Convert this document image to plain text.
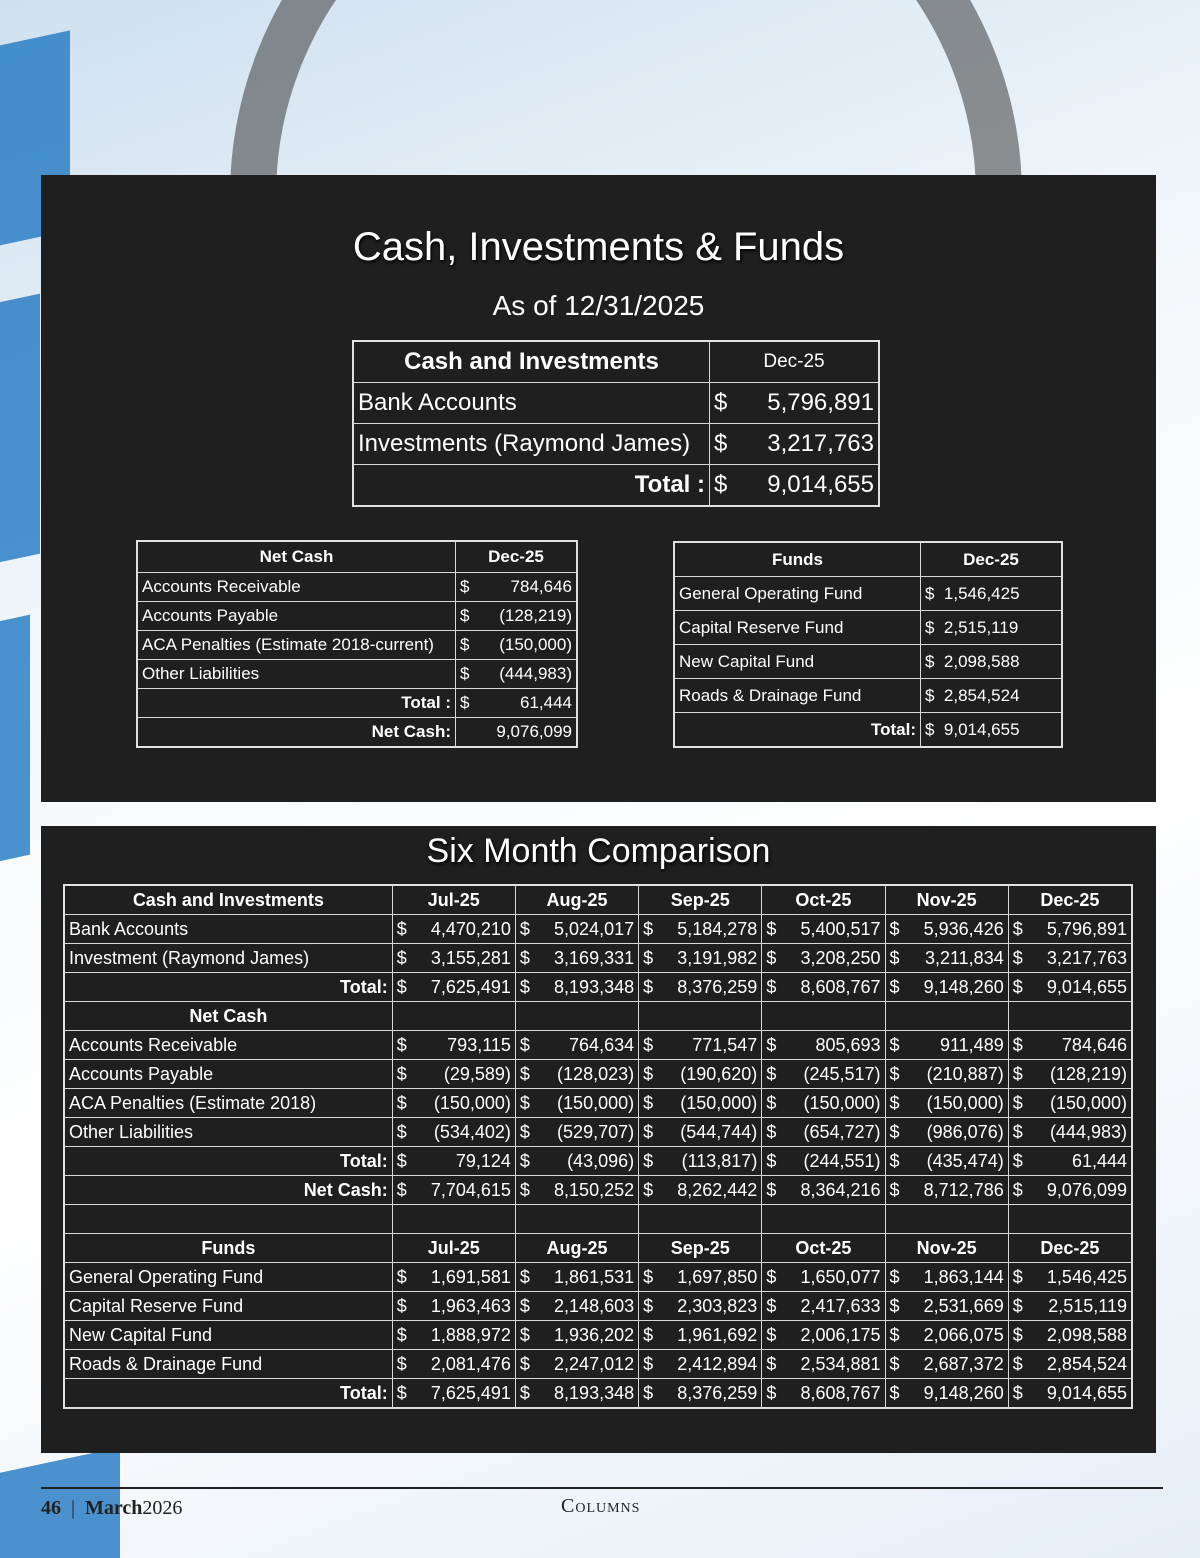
Cash, Investments & Funds
As of 12/31/2025
Cash and Investments	Dec-25
Bank Accounts	$ 5,796,891

Investments (Raymond James)	$ 3,217,763

Total :	$ 9,014,655
Net Cash	Dec-25
Accounts Receivable	$ 784,646

Accounts Payable	$ (128,219)

ACA Penalties (Estimate 2018-current)	$ (150,000)

Other Liabilities	$ (444,983)

Total :	$ 61,444

Net Cash:	9,076,099
Funds	Dec-25
General Operating Fund	$ 1,546,425
Capital Reserve Fund	$ 2,515,119
New Capital Fund	$ 2,098,588
Roads & Drainage Fund	$ 2,854,524
Total:	$ 9,014,655
Six Month Comparison
Cash and Investments	Jul-25	Aug-25	Sep-25	Oct-25	Nov-25	Dec-25
Bank Accounts	$ 4,470,210	$ 5,024,017	$ 5,184,278	$ 5,400,517	$ 5,936,426	$ 5,796,891

Investment (Raymond James)	$ 3,155,281	$ 3,169,331	$ 3,191,982	$ 3,208,250	$ 3,211,834	$ 3,217,763

Total:	$ 7,625,491	$ 8,193,348	$ 8,376,259	$ 8,608,767	$ 9,148,260	$ 9,014,655

Net Cash						
Accounts Receivable	$ 793,115	$ 764,634	$ 771,547	$ 805,693	$ 911,489	$ 784,646

Accounts Payable	$ (29,589)	$ (128,023)	$ (190,620)	$ (245,517)	$ (210,887)	$ (128,219)

ACA Penalties (Estimate 2018)	$ (150,000)	$ (150,000)	$ (150,000)	$ (150,000)	$ (150,000)	$ (150,000)

Other Liabilities	$ (534,402)	$ (529,707)	$ (544,744)	$ (654,727)	$ (986,076)	$ (444,983)

Total:	$ 79,124	$ (43,096)	$ (113,817)	$ (244,551)	$ (435,474)	$ 61,444

Net Cash:	$ 7,704,615	$ 8,150,252	$ 8,262,442	$ 8,364,216	$ 8,712,786	$ 9,076,099

Funds	Jul-25	Aug-25	Sep-25	Oct-25	Nov-25	Dec-25
General Operating Fund	$ 1,691,581	$ 1,861,531	$ 1,697,850	$ 1,650,077	$ 1,863,144	$ 1,546,425

Capital Reserve Fund	$ 1,963,463	$ 2,148,603	$ 2,303,823	$ 2,417,633	$ 2,531,669	$ 2,515,119

New Capital Fund	$ 1,888,972	$ 1,936,202	$ 1,961,692	$ 2,006,175	$ 2,066,075	$ 2,098,588

Roads & Drainage Fund	$ 2,081,476	$ 2,247,012	$ 2,412,894	$ 2,534,881	$ 2,687,372	$ 2,854,524

Total:	$ 7,625,491	$ 8,193,348	$ 8,376,259	$ 8,608,767	$ 9,148,260	$ 9,014,655
46 | March2026	Columns
